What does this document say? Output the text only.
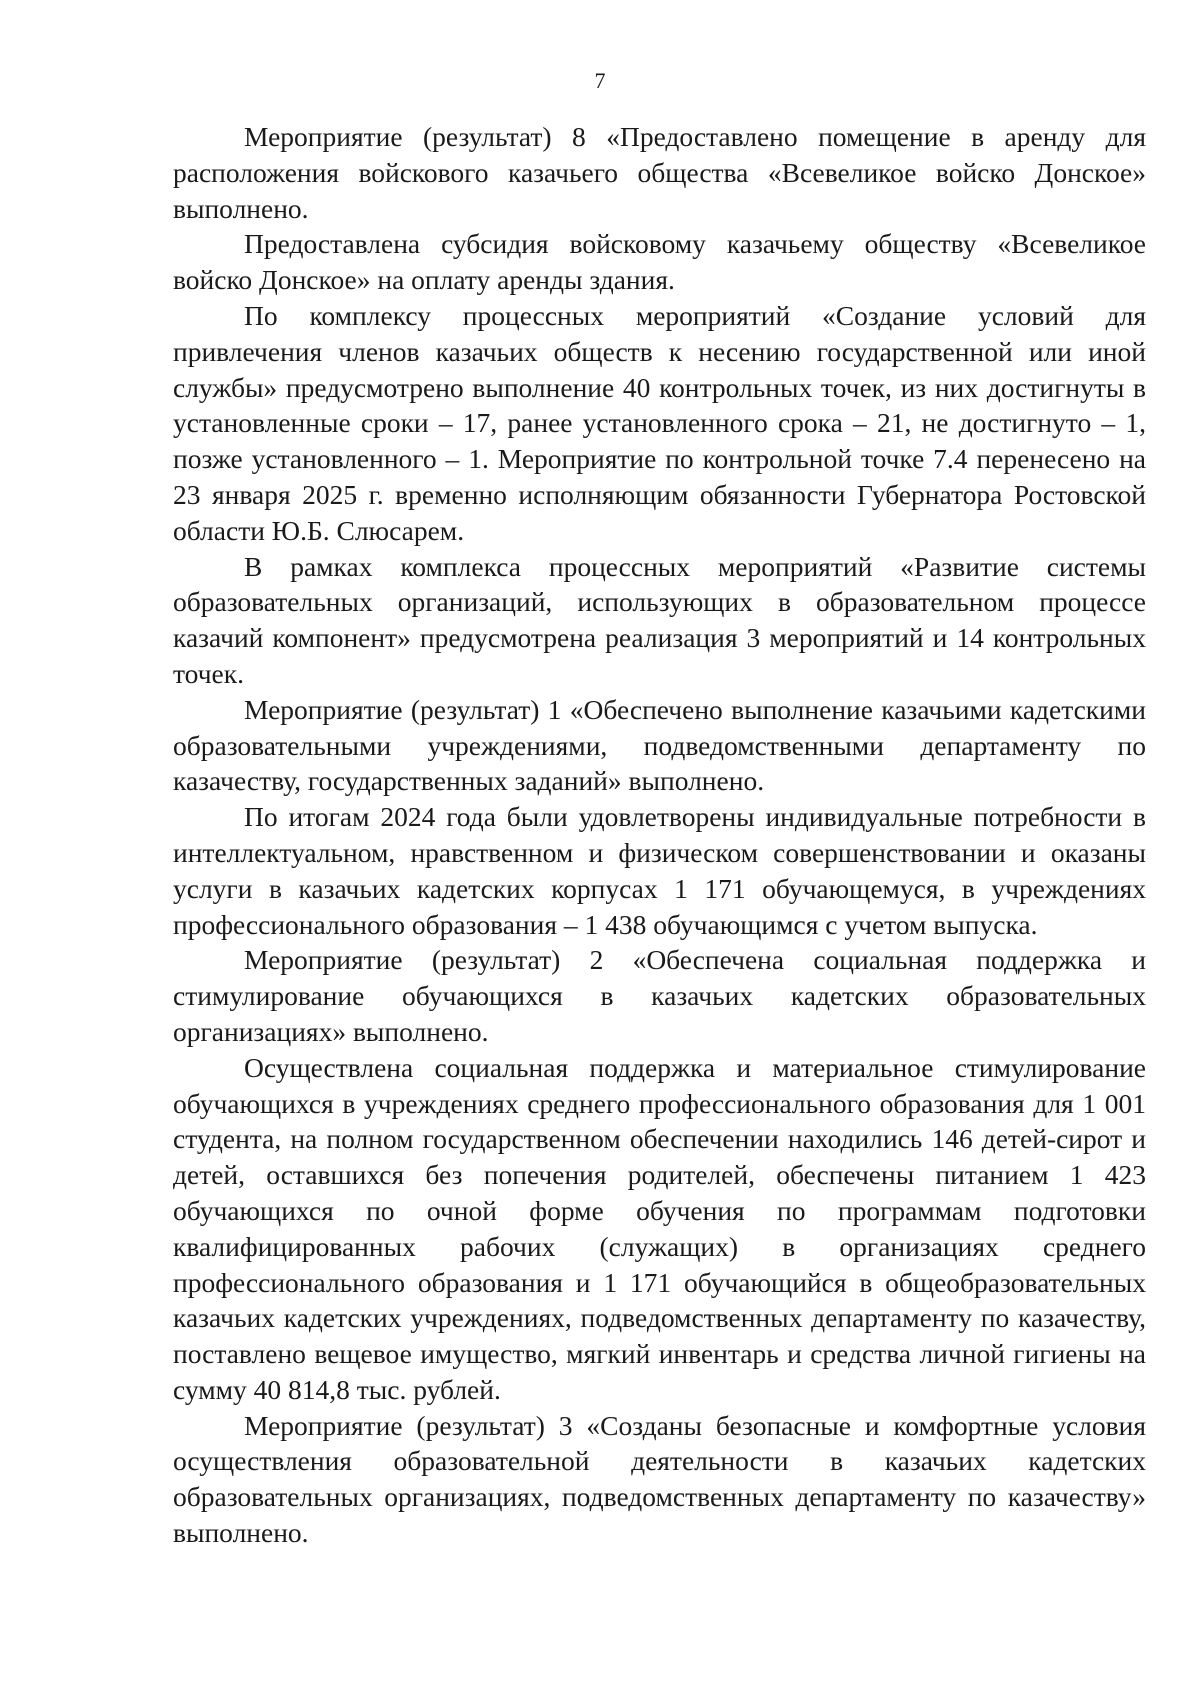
7

Мероприятие (результат) 8 «Предоставлено помещение в аренду для расположения войскового казачьего общества «Всевеликое войско Донское» выполнено.

Предоставлена субсидия войсковому казачьему обществу «Всевеликое войско Донское» на оплату аренды здания.

По комплексу процессных мероприятий «Создание условий для привлечения членов казачьих обществ к несению государственной или иной службы» предусмотрено выполнение 40 контрольных точек, из них достигнуты в установленные сроки – 17, ранее установленного срока – 21, не достигнуто – 1, позже установленного – 1. Мероприятие по контрольной точке 7.4 перенесено на 23 января 2025 г. временно исполняющим обязанности Губернатора Ростовской области Ю.Б. Слюсарем.

В рамках комплекса процессных мероприятий «Развитие системы образовательных организаций, использующих в образовательном процессе казачий компонент» предусмотрена реализация 3 мероприятий и 14 контрольных точек.

Мероприятие (результат) 1 «Обеспечено выполнение казачьими кадетскими образовательными учреждениями, подведомственными департаменту по казачеству, государственных заданий» выполнено.

По итогам 2024 года были удовлетворены индивидуальные потребности в интеллектуальном, нравственном и физическом совершенствовании и оказаны услуги в казачьих кадетских корпусах 1 171 обучающемуся, в учреждениях профессионального образования – 1 438 обучающимся с учетом выпуска.

Мероприятие (результат) 2 «Обеспечена социальная поддержка и стимулирование обучающихся в казачьих кадетских образовательных организациях» выполнено.

Осуществлена социальная поддержка и материальное стимулирование обучающихся в учреждениях среднего профессионального образования для 1 001 студента, на полном государственном обеспечении находились 146 детей-сирот и детей, оставшихся без попечения родителей, обеспечены питанием 1 423 обучающихся по очной форме обучения по программам подготовки квалифицированных рабочих (служащих) в организациях среднего профессионального образования и 1 171 обучающийся в общеобразовательных казачьих кадетских учреждениях, подведомственных департаменту по казачеству, поставлено вещевое имущество, мягкий инвентарь и средства личной гигиены на сумму 40 814,8 тыс. рублей.

Мероприятие (результат) 3 «Созданы безопасные и комфортные условия осуществления образовательной деятельности в казачьих кадетских образовательных организациях, подведомственных департаменту по казачеству» выполнено.
